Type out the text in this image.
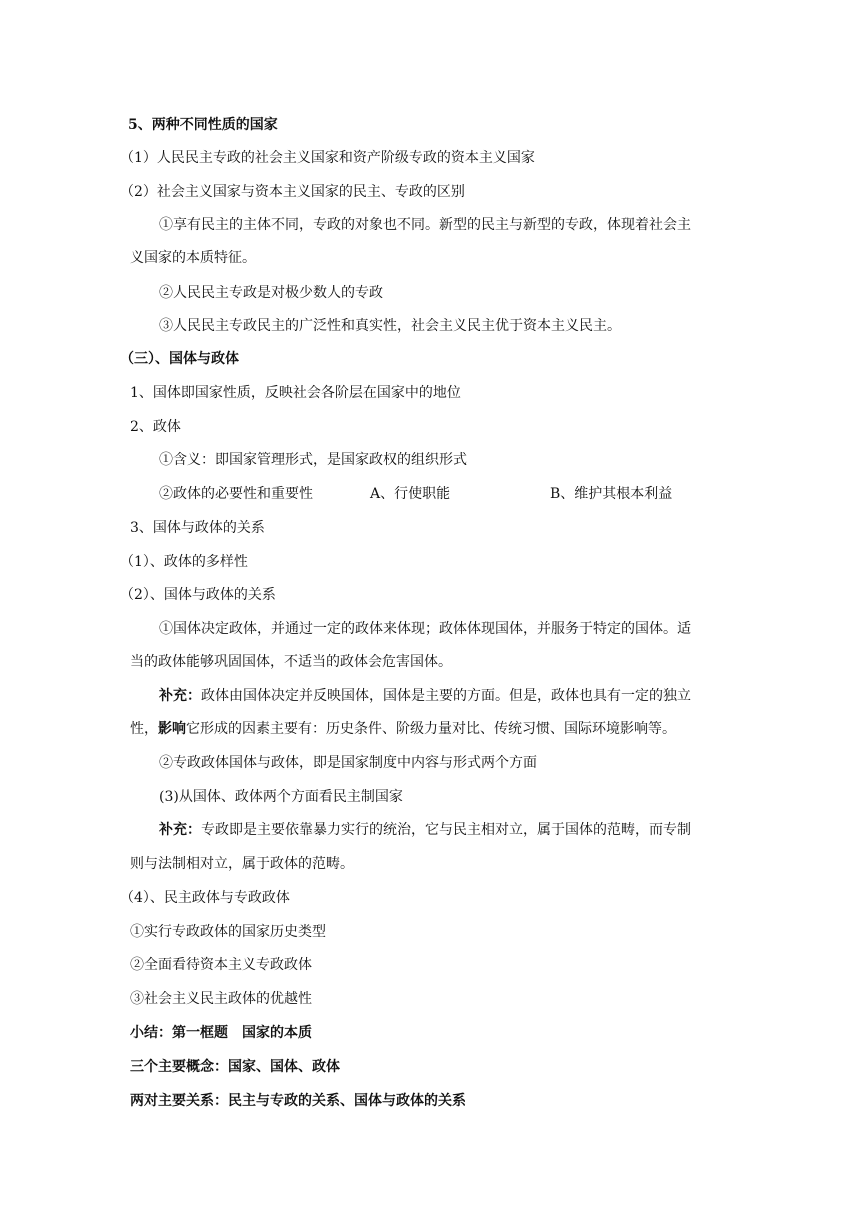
5、两种不同性质的国家
（1）人民民主专政的社会主义国家和资产阶级专政的资本主义国家
（2）社会主义国家与资本主义国家的民主、专政的区别
①享有民主的主体不同，专政的对象也不同。新型的民主与新型的专政，体现着社会主
义国家的本质特征。
②人民民主专政是对极少数人的专政
③人民民主专政民主的广泛性和真实性，社会主义民主优于资本主义民主。
（三）、国体与政体
1、国体即国家性质，反映社会各阶层在国家中的地位
2、政体
①含义：即国家管理形式，是国家政权的组织形式
②政体的必要性和重要性	A、行使职能	B、维护其根本利益
3、国体与政体的关系
（1）、政体的多样性
（2）、国体与政体的关系
①国体决定政体，并通过一定的政体来体现；政体体现国体，并服务于特定的国体。适
当的政体能够巩固国体，不适当的政体会危害国体。
补充：政体由国体决定并反映国体，国体是主要的方面。但是，政体也具有一定的独立
性，影响它形成的因素主要有：历史条件、阶级力量对比、传统习惯、国际环境影响等。
②专政政体国体与政体，即是国家制度中内容与形式两个方面
(3)从国体、政体两个方面看民主制国家
补充：专政即是主要依靠暴力实行的统治，它与民主相对立，属于国体的范畴，而专制
则与法制相对立，属于政体的范畴。
（4）、民主政体与专政政体
①实行专政政体的国家历史类型
②全面看待资本主义专政政体
③社会主义民主政体的优越性
小结：第一框题　国家的本质
三个主要概念：国家、国体、政体
两对主要关系：民主与专政的关系、国体与政体的关系
